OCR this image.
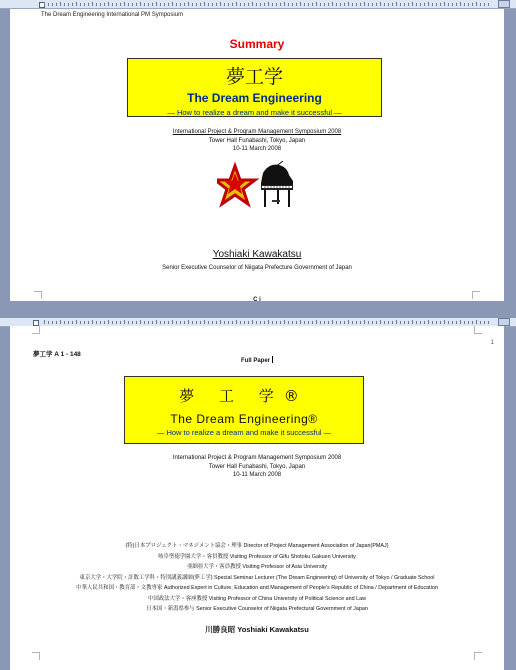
The Dream Engineering International PM Symposium
Summary
夢工学
The Dream Engineering
— How to realize a dream and make it successful —
International Project & Program Management Symposium 2008
Tower Hall Funabashi, Tokyo, Japan
10-11 March 2008
Yoshiaki Kawakatsu
Senior Executive Counselor of Niigata Prefecture Government of Japan
C i
1
夢工学 A 1 - 148
Full Paper
夢 工 学®
The Dream Engineering®
— How to realize a dream and make it successful —
International Project & Program Management Symposium 2008
Tower Hall Funabashi, Tokyo, Japan
10-11 March 2008
(特)日本プロジェクト・マネジメント協会・理事 Director of Project Management Association of Japan(PMAJ)
岐阜聖徳学園大学・客員教授 Visiting Professor of Gifu Shotoku Gakuen University
亜細亜大学・客員教授 Visiting Professor of Asia University
東京大学・大学院・計数工学科・特別講義講師(夢工学) Special Seminar Lecturer (The Dream Engineering) of University of Tokyo / Graduate School
中華人民共和国・教育部・文教専家 Authorized Expert in Culture, Education and Management of People's Republic of China / Department of Education
中国政法大学・客座教授 Visiting Professor of China University of Political Science and Law
日本国・新潟県参与 Senior Executive Counselor of Niigata Prefectural Government of Japan
川勝良昭 Yoshiaki Kawakatsu
